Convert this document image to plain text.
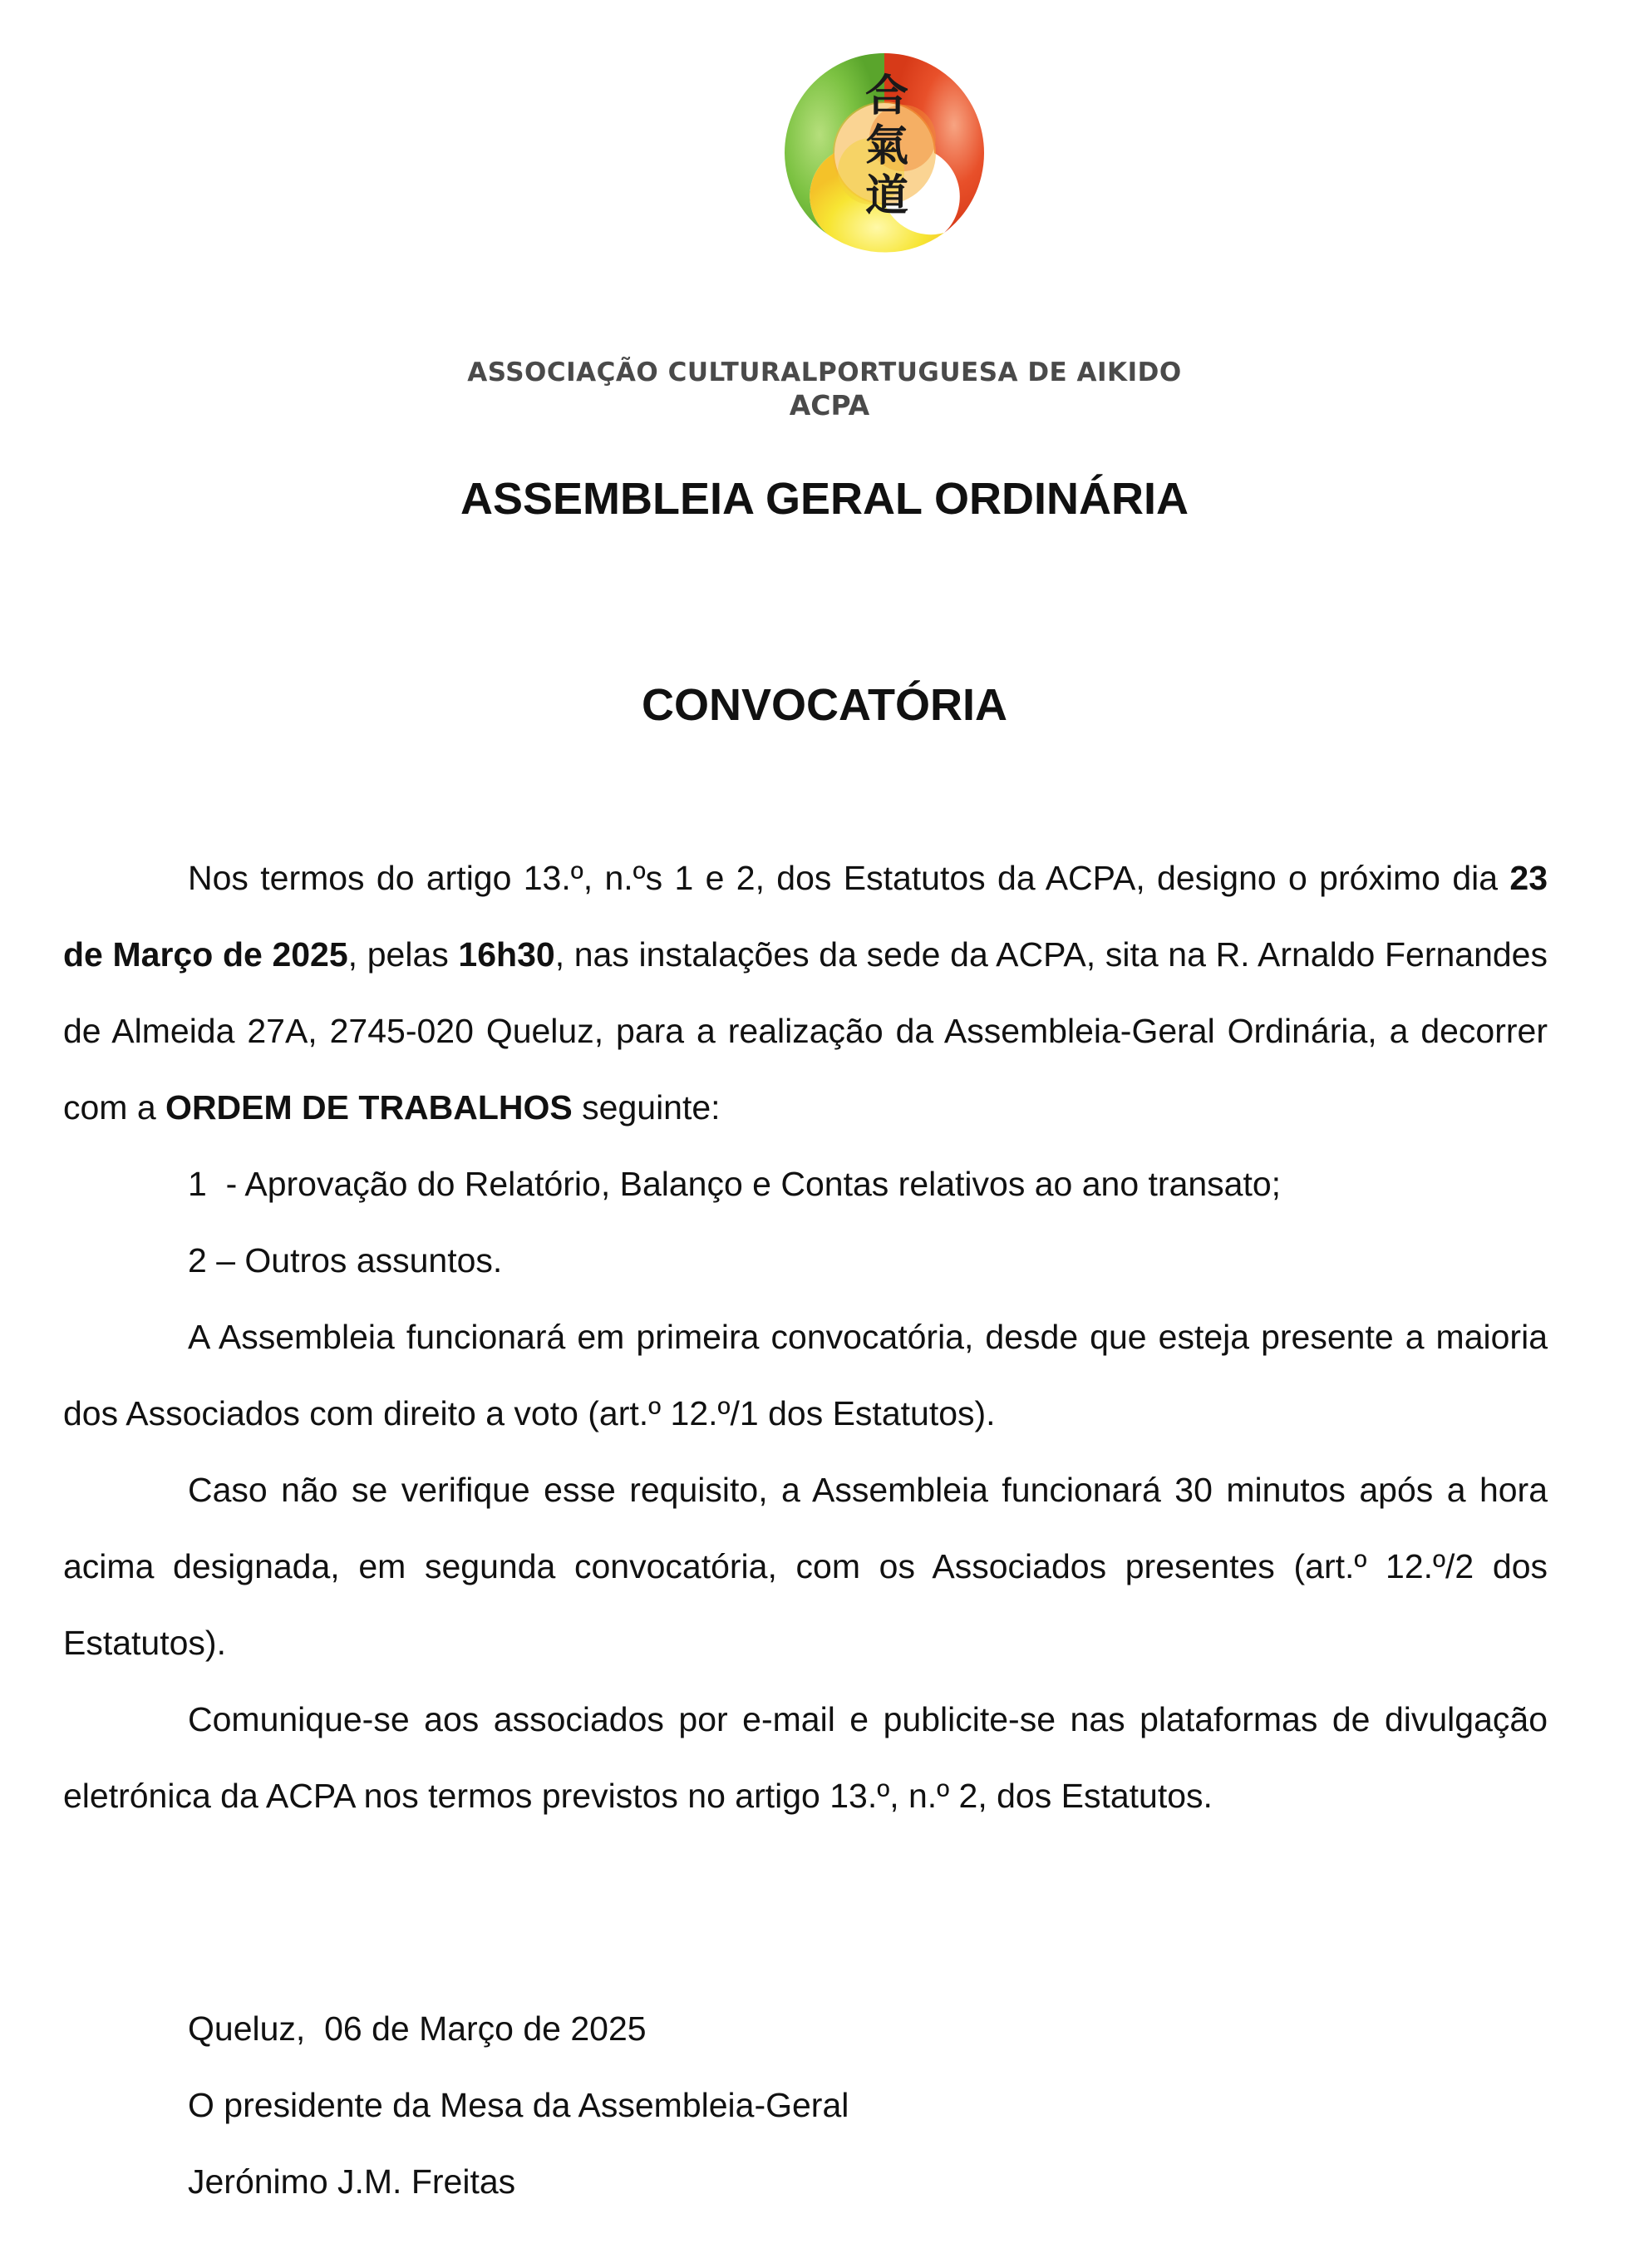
合
氣
道
ASSOCIAÇÃO CULTURALPORTUGUESA DE AIKIDO
ACPA
ASSEMBLEIA GERAL ORDINÁRIA
CONVOCATÓRIA

Nos termos do artigo 13.º, n.ºs 1 e 2, dos Estatutos da ACPA, designo o próximo dia 23 de Março de 2025, pelas 16h30, nas instalações da sede da ACPA, sita na R. Arnaldo Fernandes de Almeida 27A, 2745-020 Queluz, para a realização da Assembleia-Geral Ordinária, a decorrer com a ORDEM DE TRABALHOS seguinte:

1  - Aprovação do Relatório, Balanço e Contas relativos ao ano transato;

2 – Outros assuntos.

A Assembleia funcionará em primeira convocatória, desde que esteja presente a maioria dos Associados com direito a voto (art.º 12.º/1 dos Estatutos).

Caso não se verifique esse requisito, a Assembleia funcionará 30 minutos após a hora acima designada, em segunda convocatória, com os Associados presentes (art.º 12.º/2 dos Estatutos).

Comunique-se aos associados por e-mail e publicite-se nas plataformas de divulgação eletrónica da ACPA nos termos previstos no artigo 13.º, n.º 2, dos Estatutos.

Queluz,  06 de Março de 2025
O presidente da Mesa da Assembleia-Geral
Jerónimo J.M. Freitas
